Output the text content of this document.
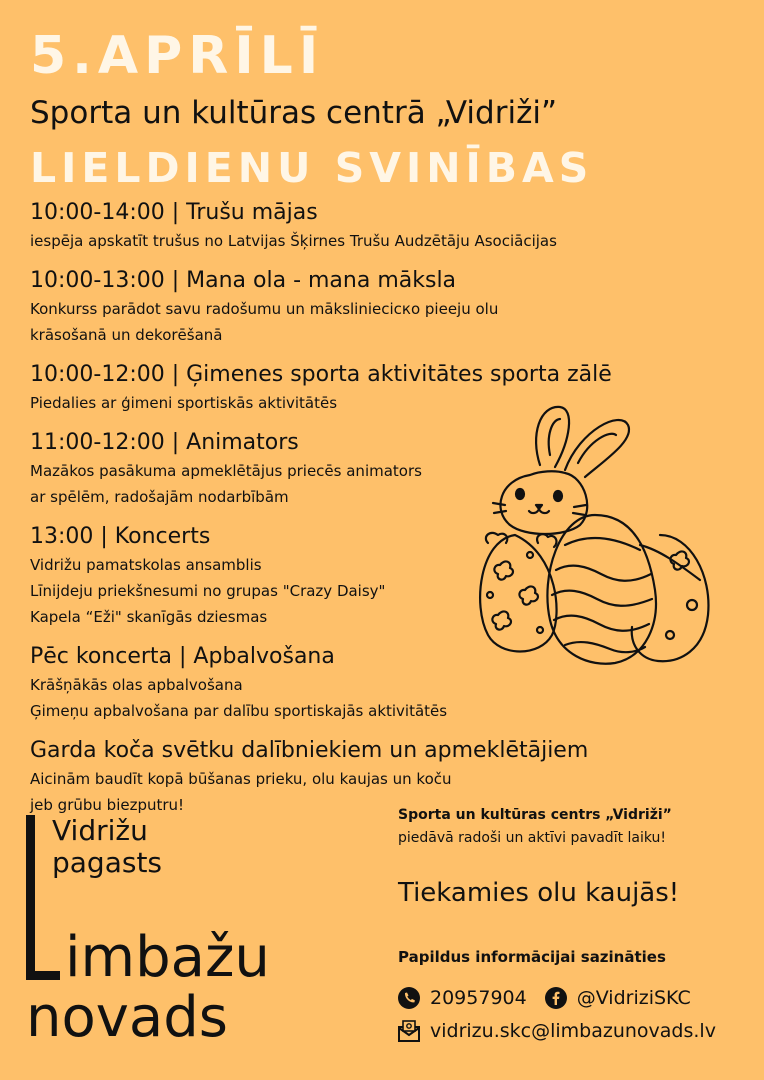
5.APRĪLĪ
Sporta un kultūras centrā „Vidriži”
LIELDIENU SVINĪBAS
10:00-14:00 | Trušu mājas
iespēja apskatīt trušus no Latvijas Šķirnes Trušu Audzētāju Asociācijas
10:00-13:00 | Mana ola - mana māksla
Konkurss parādot savu radošumu un mākslinieciско pieeju olu
krāsošanā un dekorēšanā
10:00-12:00 | Ģimenes sporta aktivitātes sporta zālē
Piedalies ar ģimeni sportiskās aktivitātēs
11:00-12:00 | Animators
Mazākos pasākuma apmeklētājus priecēs animators
ar spēlēm, radošajām nodarbībām
13:00 | Koncerts
Vidrižu pamatskolas ansamblis
Līnijdeju priekšnesumi no grupas "Crazy Daisy"
Kapela “Eži" skanīgās dziesmas
Pēc koncerta | Apbalvošana
Krāšņākās olas apbalvošana
Ģimeņu apbalvošana par dalību sportiskajās aktivitātēs
Garda koča svētku dalībniekiem un apmeklētājiem
Aicinām baudīt kopā būšanas prieku, olu kaujas un koču
jeb grūbu biezputru!
Vidrižu
pagasts
imbažu
novads
Sporta un kultūras centrs „Vidriži”
piedāvā radoši un aktīvi pavadīt laiku!
Tiekamies olu kaujās!
Papildus informācijai sazināties
20957904	@VidriziSKC
vidrizu.skc@limbazunovads.lv
